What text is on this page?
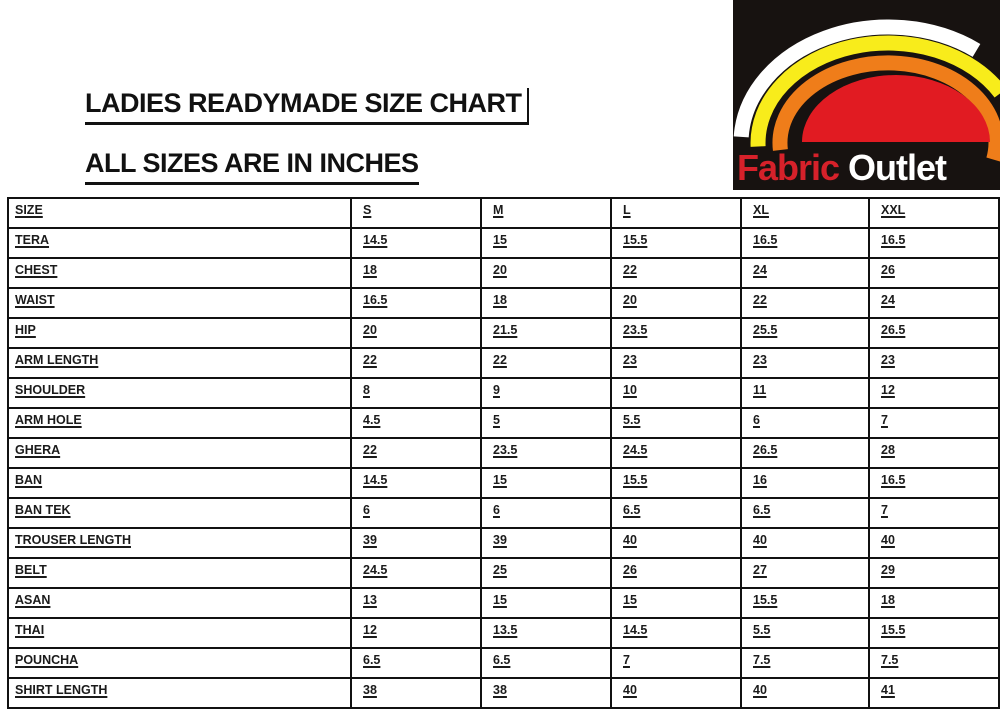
LADIES READYMADE SIZE CHART
ALL SIZES ARE IN INCHES	Fabric Outlet
SIZE	S	M	L	XL	XXL
TERA	14.5	15	15.5	16.5	16.5
CHEST	18	20	22	24	26
WAIST	16.5	18	20	22	24
HIP	20	21.5	23.5	25.5	26.5
ARM LENGTH	22	22	23	23	23
SHOULDER	8	9	10	11	12
ARM HOLE	4.5	5	5.5	6	7
GHERA	22	23.5	24.5	26.5	28
BAN	14.5	15	15.5	16	16.5
BAN TEK	6	6	6.5	6.5	7
TROUSER LENGTH	39	39	40	40	40
BELT	24.5	25	26	27	29
ASAN	13	15	15	15.5	18
THAI	12	13.5	14.5	5.5	15.5
POUNCHA	6.5	6.5	7	7.5	7.5
SHIRT LENGTH	38	38	40	40	41
